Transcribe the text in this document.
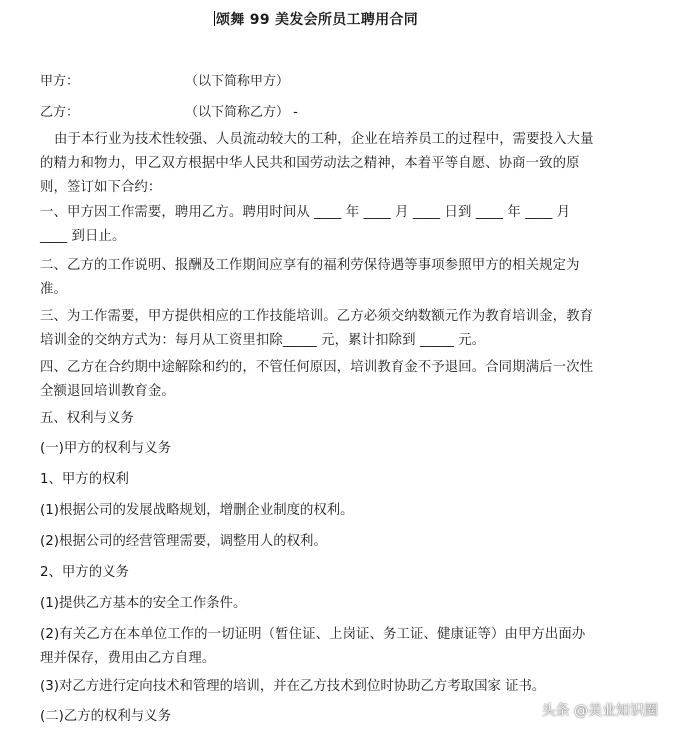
颂舞 99 美发会所员工聘用合同
甲方：	（以下简称甲方）
乙方：	（以下简称乙方） -
由于本行业为技术性较强、人员流动较大的工种，企业在培养员工的过程中，需要投入大量的精力和物力，甲乙双方根据中华人民共和国劳动法之精神，本着平等自愿、协商一致的原则，签订如下合约：
一、甲方因工作需要，聘用乙方。聘用时间从 ____ 年 ____ 月 ____ 日到 ____ 年 ____ 月 ____ 到日止。
二、乙方的工作说明、报酬及工作期间应享有的福利劳保待遇等事项参照甲方的相关规定为准。
三、为工作需要，甲方提供相应的工作技能培训。乙方必须交纳数额元作为教育培训金，教育培训金的交纳方式为：每月从工资里扣除_____ 元，累计扣除到 _____ 元。
四、乙方在合约期中途解除和约的，不管任何原因，培训教育金不予退回。合同期满后一次性全额退回培训教育金。
五、权利与义务
(一)甲方的权利与义务
1、甲方的权利
(1)根据公司的发展战略规划，增删企业制度的权利。
(2)根据公司的经营管理需要，调整用人的权利。
2、甲方的义务
(1)提供乙方基本的安全工作条件。
(2)有关乙方在本单位工作的一切证明（暂住证、上岗证、务工证、健康证等）由甲方出面办理并保存，费用由乙方自理。
(3)对乙方进行定向技术和管理的培训，并在乙方技术到位时协助乙方考取国家 证书。
(二)乙方的权利与义务	头条 @美业知识圈
